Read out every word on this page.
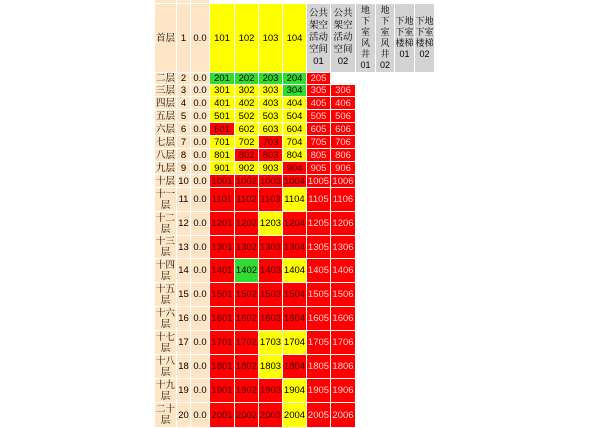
首层 1 0.0 101 102 103 104
公共
架空
活动
空间
01
公共
架空
活动
空间
02
地
下
室
风
井
01
地
下
室
风
井
02
下地
下室
楼梯
01
下地
下室
楼梯
02
二层 2 0.0 201 202 203 204 205
三层 3 0.0 301 302 303 304 305 306
四层 4 0.0 401 402 403 404 405 406
五层 5 0.0 501 502 503 504 505 506
六层 6 0.0 601 602 603 604 605 606
七层 7 0.0 701 702 703 704 705 706
八层 8 0.0 801 802 803 804 805 806
九层 9 0.0 901 902 903 904 905 906
十层 10 0.0 1001 1002 1003 1004 1005 1006
十一层 11 0.0 1101 1102 1103 1104 1105 1106
十二层 12 0.0 1201 1202 1203 1204 1205 1206
十三层 13 0.0 1301 1302 1303 1304 1305 1306
十四层 14 0.0 1401 1402 1403 1404 1405 1406
十五层 15 0.0 1501 1502 1503 1504 1505 1506
十六层 16 0.0 1601 1602 1603 1604 1605 1606
十七层 17 0.0 1701 1702 1703 1704 1705 1706
十八层 18 0.0 1801 1802 1803 1804 1805 1806
十九层 19 0.0 1901 1902 1903 1904 1905 1906
二十层 20 0.0 2001 2002 2003 2004 2005 2006
